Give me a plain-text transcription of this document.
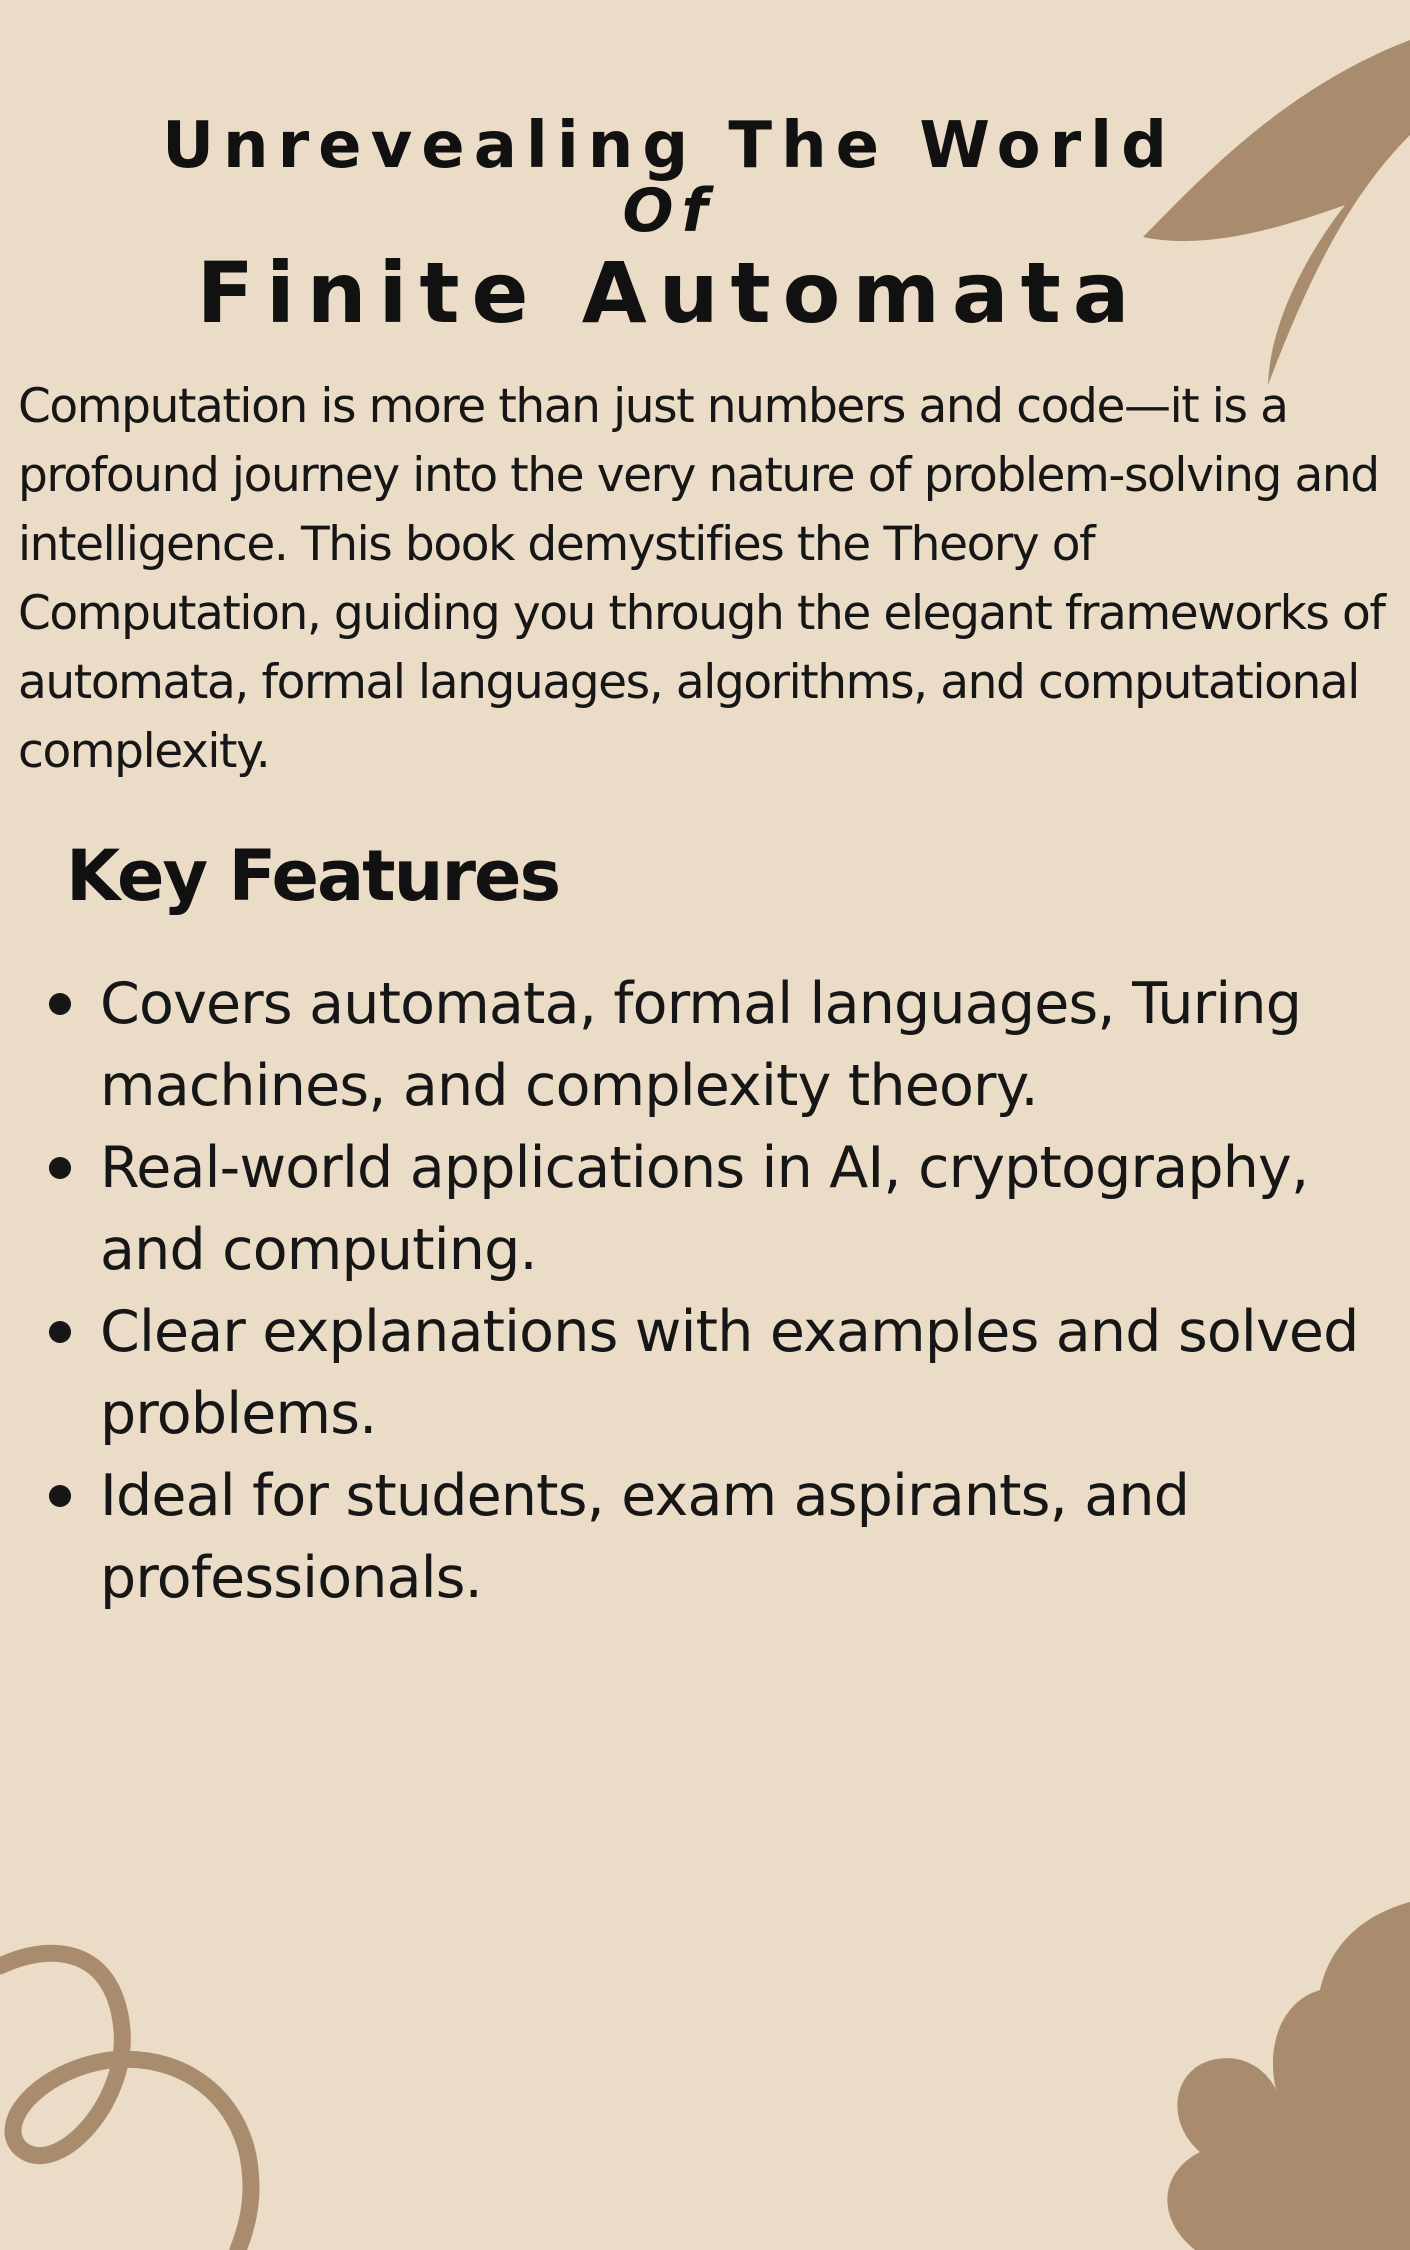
Unrevealing The World
Of
Finite Automata

Computation is more than just numbers and code—it is a profound journey into the very nature of problem-solving and intelligence. This book demystifies the Theory of Computation, guiding you through the elegant frameworks of automata, formal languages, algorithms, and computational complexity.

Key Features
Covers automata, formal languages, Turing machines, and complexity theory.
Real-world applications in AI, cryptography, and computing.
Clear explanations with examples and solved problems.
Ideal for students, exam aspirants, and professionals.
